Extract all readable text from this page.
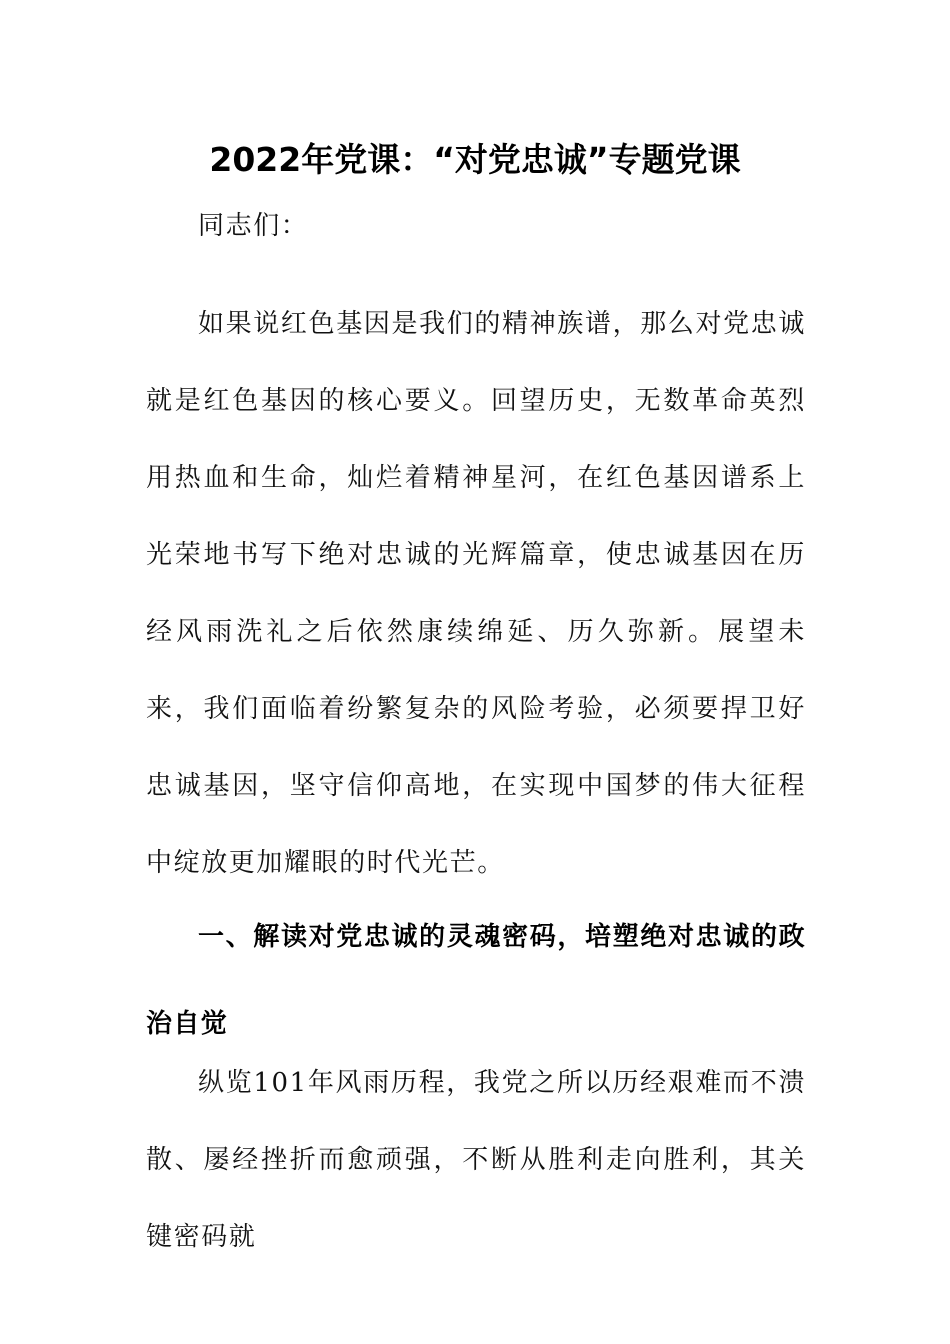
2022年党课：“对党忠诚”专题党课

同志们：

如果说红色基因是我们的精神族谱，那么对党忠诚就是红色基因的核心要义。回望历史，无数革命英烈用热血和生命，灿烂着精神星河，在红色基因谱系上光荣地书写下绝对忠诚的光辉篇章，使忠诚基因在历经风雨洗礼之后依然康续绵延、历久弥新。展望未来，我们面临着纷繁复杂的风险考验，必须要捍卫好忠诚基因，坚守信仰高地，在实现中国梦的伟大征程中绽放更加耀眼的时代光芒。

一、解读对党忠诚的灵魂密码，培塑绝对忠诚的政治自觉

纵览101年风雨历程，我党之所以历经艰难而不溃散、屡经挫折而愈顽强，不断从胜利走向胜利，其关键密码就
